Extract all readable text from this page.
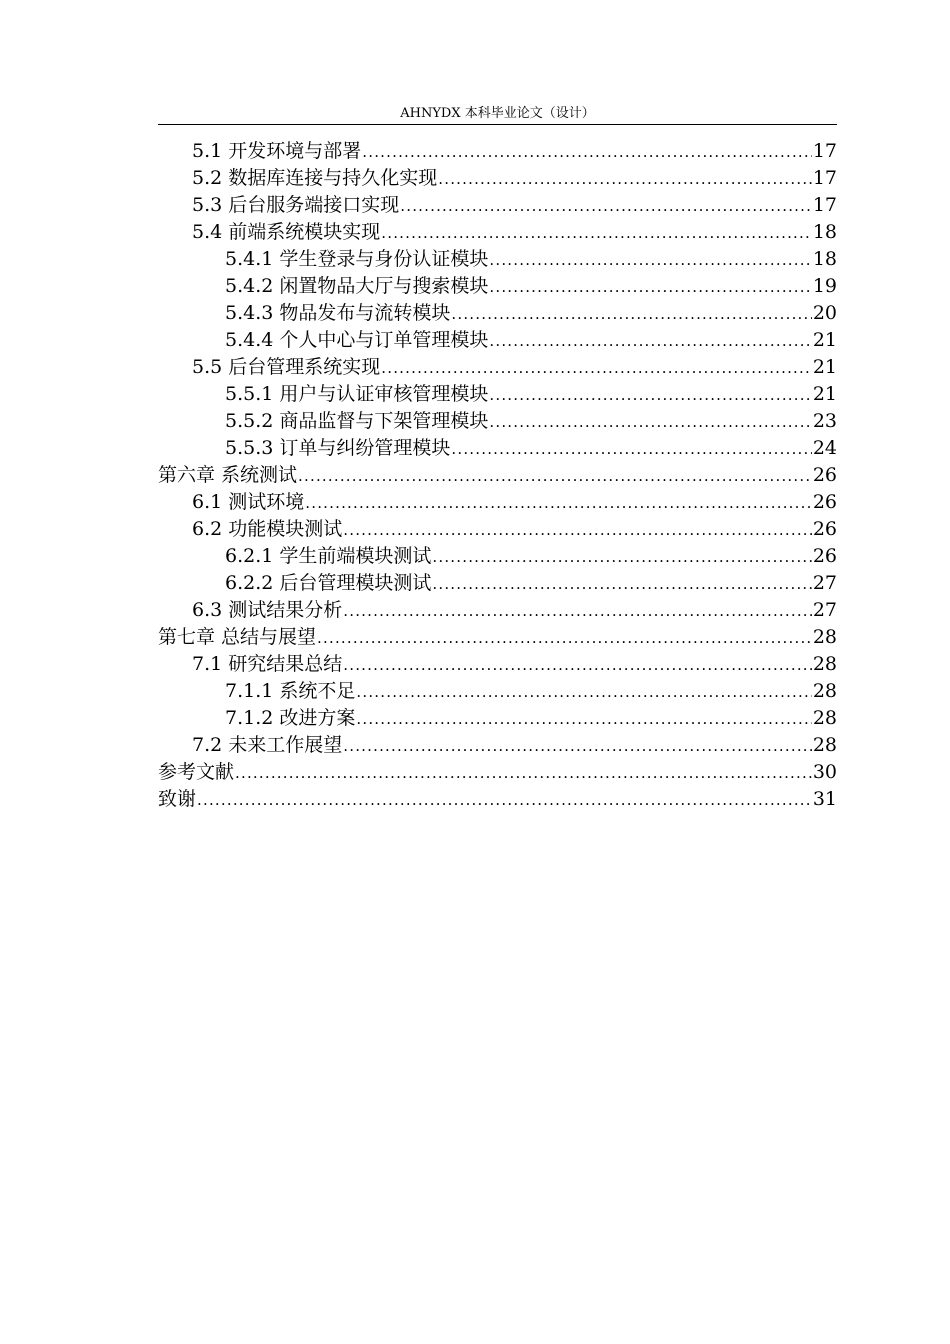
AHNYDX 本科毕业论文（设计）
5.1 开发环境与部署 .....	17
5.2 数据库连接与持久化实现 .....	17
5.3 后台服务端接口实现 .....	17
5.4 前端系统模块实现 .....	18
5.4.1 学生登录与身份认证模块 .....	18
5.4.2 闲置物品大厅与搜索模块 .....	19
5.4.3 物品发布与流转模块 .....	20
5.4.4 个人中心与订单管理模块 .....	21
5.5 后台管理系统实现 .....	21
5.5.1 用户与认证审核管理模块 .....	21
5.5.2 商品监督与下架管理模块 .....	23
5.5.3 订单与纠纷管理模块 .....	24
第六章 系统测试 .....	26
6.1 测试环境 .....	26
6.2 功能模块测试 .....	26
6.2.1 学生前端模块测试 .....	26
6.2.2 后台管理模块测试 .....	27
6.3 测试结果分析 .....	27
第七章 总结与展望 .....	28
7.1 研究结果总结 .....	28
7.1.1 系统不足 .....	28
7.1.2 改进方案 .....	28
7.2 未来工作展望 .....	28
参考文献 .....	30
致谢 .....	31
